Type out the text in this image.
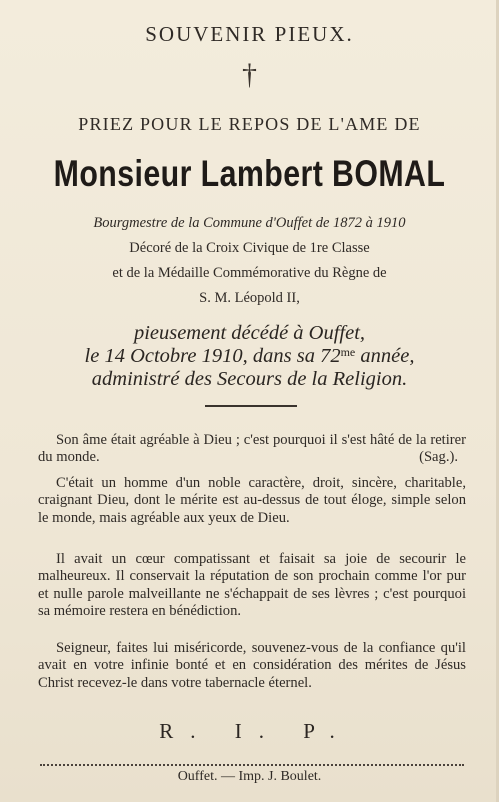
SOUVENIR PIEUX.
†
PRIEZ POUR LE REPOS DE L'AME DE
Monsieur Lambert BOMAL
Bourgmestre de la Commune d'Ouffet de 1872 à 1910
Décoré de la Croix Civique de 1re Classe
et de la Médaille Commémorative du Règne de
S. M. Léopold II,
pieusement décédé à Ouffet,
le 14 Octobre 1910, dans sa $72^{me}$ année,
administré des Secours de la Religion.

Son âme était agréable à Dieu ; c'est pourquoi il s'est hâté de la retirer du monde.	(Sag.).

C'était un homme d'un noble caractère, droit, sincère, charitable, craignant Dieu, dont le mérite est au-dessus de tout éloge, simple selon le monde, mais agréable aux yeux de Dieu.

Il avait un cœur compatissant et faisait sa joie de secourir le malheureux. Il conservait la réputation de son prochain comme l'or pur et nulle parole malveillante ne s'échappait de ses lèvres ; c'est pourquoi sa mémoire restera en bénédiction.

Seigneur, faites lui miséricorde, souvenez-vous de la confiance qu'il avait en votre infinie bonté et en considération des mérites de Jésus Christ recevez-le dans votre tabernacle éternel.

R. I. P.
Ouffet. — Imp. J. Boulet.
